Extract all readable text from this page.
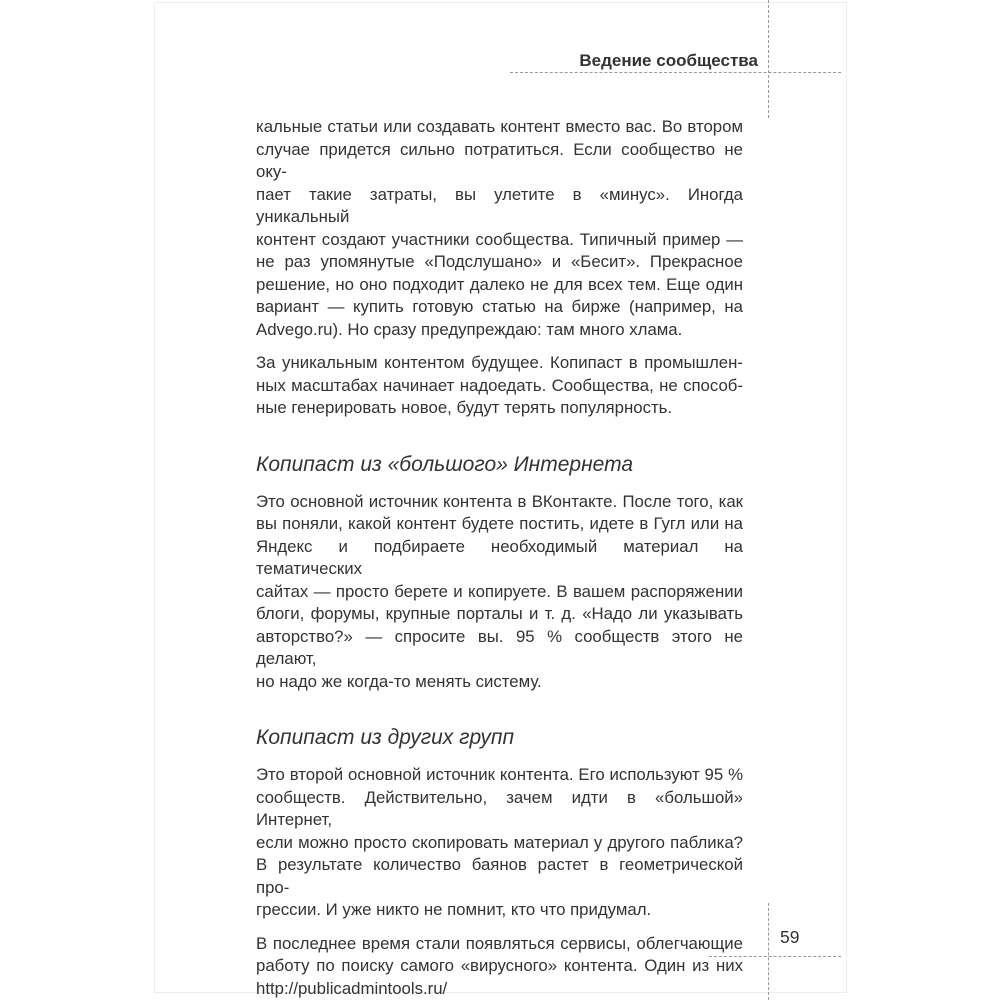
Ведение сообщества
кальные статьи или создавать контент вместо вас. Во втором
случае придется сильно потратиться. Если сообщество не оку-
пает такие затраты, вы улетите в «минус». Иногда уникальный
контент создают участники сообщества. Типичный пример —
не раз упомянутые «Подслушано» и «Бесит». Прекрасное
решение, но оно подходит далеко не для всех тем. Еще один
вариант — купить готовую статью на бирже (например, на
Advego.ru). Но сразу предупреждаю: там много хлама.
За уникальным контентом будущее. Копипаст в промышлен-
ных масштабах начинает надоедать. Сообщества, не способ-
ные генерировать новое, будут терять популярность.
Копипаст из «большого» Интернета
Это основной источник контента в ВКонтакте. После того, как
вы поняли, какой контент будете постить, идете в Гугл или на
Яндекс и подбираете необходимый материал на тематических
сайтах — просто берете и копируете. В вашем распоряжении
блоги, форумы, крупные порталы и т. д. «Надо ли указывать
авторство?» — спросите вы. 95 % сообществ этого не делают,
но надо же когда-то менять систему.
Копипаст из других групп
Это второй основной источник контента. Его используют 95 %
сообществ. Действительно, зачем идти в «большой» Интернет,
если можно просто скопировать материал у другого паблика?
В результате количество баянов растет в геометрической про-
грессии. И уже никто не помнит, кто что придумал.
В последнее время стали появляться сервисы, облегчающие
работу по поиску самого «вирусного» контента. Один из них
http://publicadmintools.ru/
59
